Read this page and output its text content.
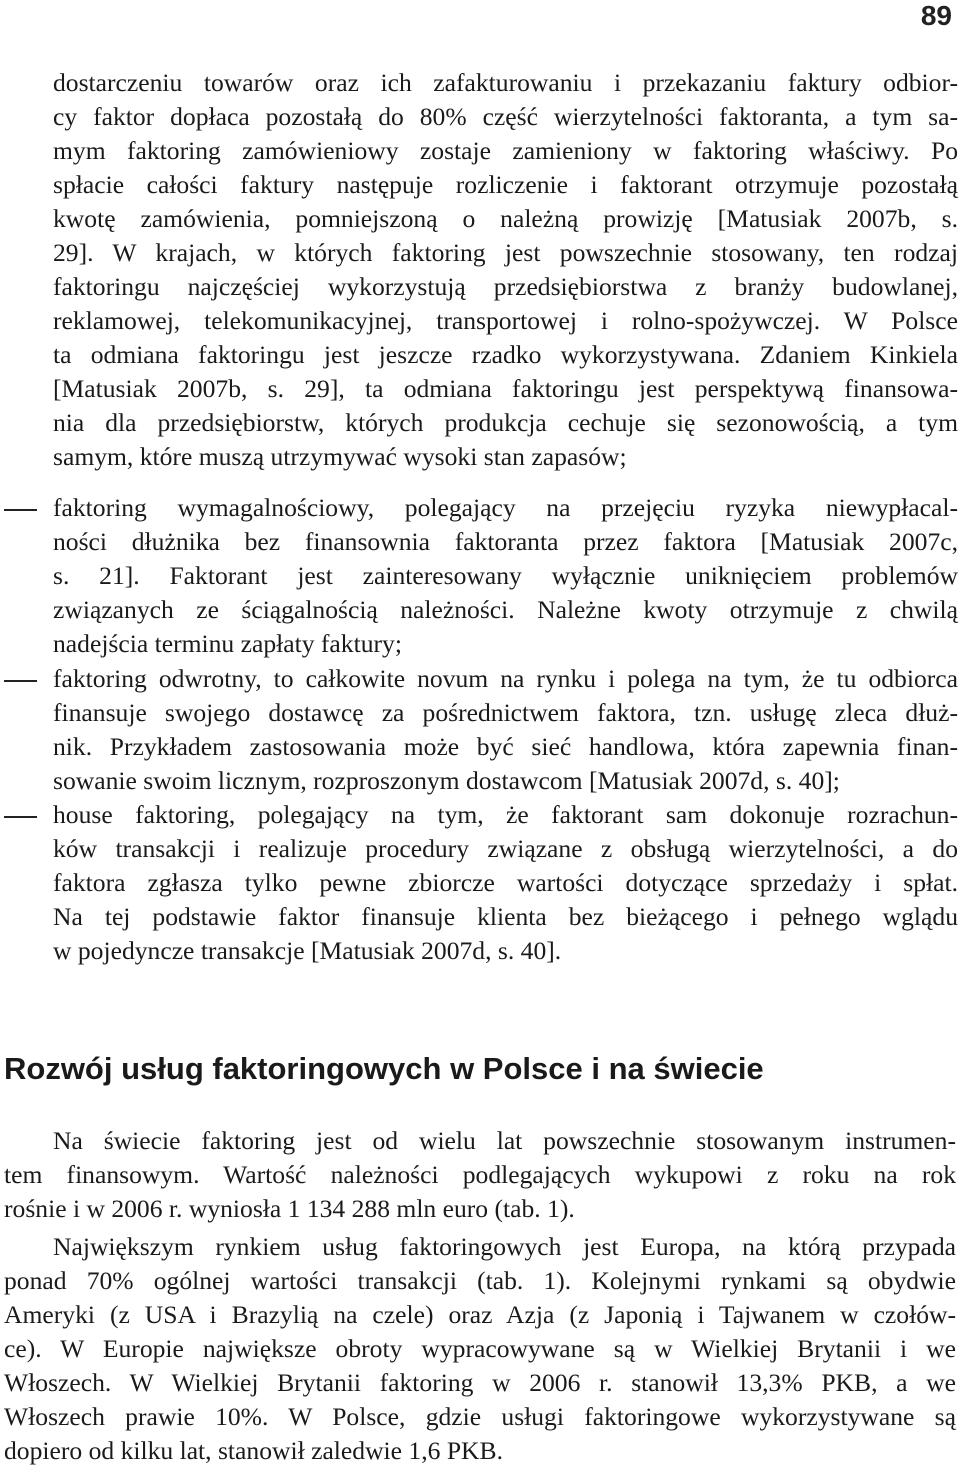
89
dostarczeniu towarów oraz ich zafakturowaniu i przekazaniu faktury odbior-
cy faktor dopłaca pozostałą do 80% część wierzytelności faktoranta, a tym sa-
mym faktoring zamówieniowy zostaje zamieniony w faktoring właściwy. Po
spłacie całości faktury następuje rozliczenie i faktorant otrzymuje pozostałą
kwotę zamówienia, pomniejszoną o należną prowizję [Matusiak 2007b, s.
29]. W krajach, w których faktoring jest powszechnie stosowany, ten rodzaj
faktoringu najczęściej wykorzystują przedsiębiorstwa z branży budowlanej,
reklamowej, telekomunikacyjnej, transportowej i rolno-spożywczej. W Polsce
ta odmiana faktoringu jest jeszcze rzadko wykorzystywana. Zdaniem Kinkiela
[Matusiak 2007b, s. 29], ta odmiana faktoringu jest perspektywą finansowa-
nia dla przedsiębiorstw, których produkcja cechuje się sezonowością, a tym
samym, które muszą utrzymywać wysoki stan zapasów;
faktoring wymagalnościowy, polegający na przejęciu ryzyka niewypłacal-
ności dłużnika bez finansownia faktoranta przez faktora [Matusiak 2007c,
s. 21]. Faktorant jest zainteresowany wyłącznie uniknięciem problemów
związanych ze ściągalnością należności. Należne kwoty otrzymuje z chwilą
nadejścia terminu zapłaty faktury;
faktoring odwrotny, to całkowite novum na rynku i polega na tym, że tu odbiorca
finansuje swojego dostawcę za pośrednictwem faktora, tzn. usługę zleca dłuż-
nik. Przykładem zastosowania może być sieć handlowa, która zapewnia finan-
sowanie swoim licznym, rozproszonym dostawcom [Matusiak 2007d, s. 40];
house faktoring, polegający na tym, że faktorant sam dokonuje rozrachun-
ków transakcji i realizuje procedury związane z obsługą wierzytelności, a do
faktora zgłasza tylko pewne zbiorcze wartości dotyczące sprzedaży i spłat.
Na tej podstawie faktor finansuje klienta bez bieżącego i pełnego wglądu
w pojedyncze transakcje [Matusiak 2007d, s. 40].
Rozwój usług faktoringowych w Polsce i na świecie
Na świecie faktoring jest od wielu lat powszechnie stosowanym instrumen-
tem finansowym. Wartość należności podlegających wykupowi z roku na rok
rośnie i w 2006 r. wyniosła 1 134 288 mln euro (tab. 1).
Największym rynkiem usług faktoringowych jest Europa, na którą przypada
ponad 70% ogólnej wartości transakcji (tab. 1). Kolejnymi rynkami są obydwie
Ameryki (z USA i Brazylią na czele) oraz Azja (z Japonią i Tajwanem w czołów-
ce). W Europie największe obroty wypracowywane są w Wielkiej Brytanii i we
Włoszech. W Wielkiej Brytanii faktoring w 2006 r. stanowił 13,3% PKB, a we
Włoszech prawie 10%. W Polsce, gdzie usługi faktoringowe wykorzystywane są
dopiero od kilku lat, stanowił zaledwie 1,6 PKB.
